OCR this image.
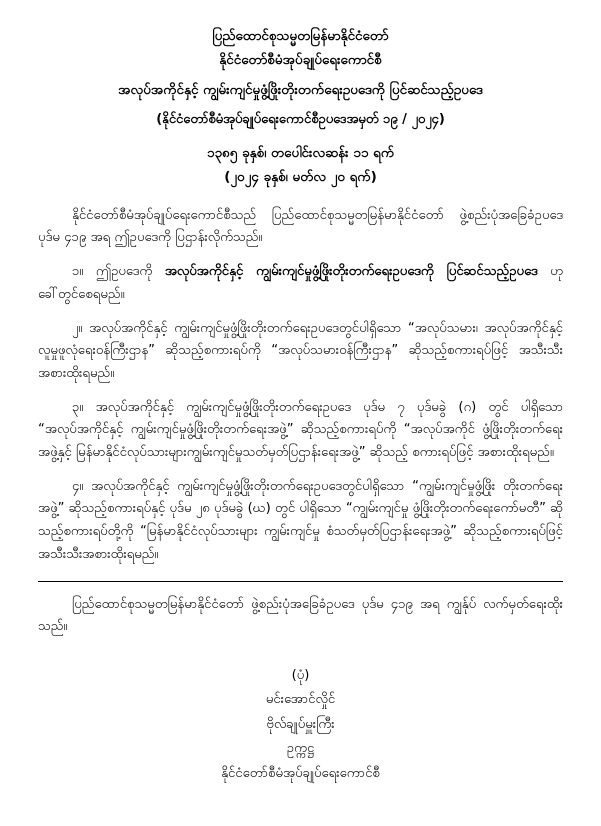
ပြည်ထောင်စုသမ္မတမြန်မာနိုင်ငံတော်
နိုင်ငံတော်စီမံအုပ်ချုပ်ရေးကောင်စီ
အလုပ်အကိုင်နှင့် ကျွမ်းကျင်မှုဖွံ့ဖြိုးတိုးတက်ရေးဥပဒေကို ပြင်ဆင်သည့်ဥပဒေ
(နိုင်ငံတော်စီမံအုပ်ချုပ်ရေးကောင်စီဥပဒေအမှတ် ၁၉ / ၂၀၂၄)
၁၃၈၅ ခုနှစ်၊ တပေါင်းလဆန်း ၁၁ ရက်
(၂၀၂၄ ခုနှစ်၊ မတ်လ ၂၀ ရက်)

နိုင်ငံတော်စီမံအုပ်ချုပ်ရေးကောင်စီသည် ပြည်ထောင်စုသမ္မတမြန်မာနိုင်ငံတော် ဖွဲ့စည်းပုံအခြေခံဥပဒေ ပုဒ်မ ၄၁၉ အရ ဤဥပဒေကို ပြဌာန်းလိုက်သည်။

၁။ ဤဥပဒေကို အလုပ်အကိုင်နှင့် ကျွမ်းကျင်မှုဖွံ့ဖြိုးတိုးတက်ရေးဥပဒေကို ပြင်ဆင်သည့်ဥပဒေ ဟု ခေါ်တွင်စေရမည်။

၂။ အလုပ်အကိုင်နှင့် ကျွမ်းကျင်မှုဖွံ့ဖြိုးတိုးတက်ရေးဥပဒေတွင်ပါရှိသော “အလုပ်သမား၊ အလုပ်အကိုင်နှင့် လူမှုဖူလုံရေးဝန်ကြီးဌာန” ဆိုသည့်စကားရပ်ကို “အလုပ်သမားဝန်ကြီးဌာန” ဆိုသည့်စကားရပ်ဖြင့် အသီးသီးအစားထိုးရမည်။

၃။ အလုပ်အကိုင်နှင့် ကျွမ်းကျင်မှုဖွံ့ဖြိုးတိုးတက်ရေးဥပဒေ ပုဒ်မ ၇ ပုဒ်မခွဲ (ဂ) တွင် ပါရှိသော “အလုပ်အကိုင်နှင့် ကျွမ်းကျင်မှုဖွံ့ဖြိုးတိုးတက်ရေးအဖွဲ့” ဆိုသည့်စကားရပ်ကို “အလုပ်အကိုင် ဖွံ့ဖြိုးတိုးတက်ရေးအဖွဲ့နှင့် မြန်မာနိုင်ငံလုပ်သားများကျွမ်းကျင်မှုသတ်မှတ်ပြဌာန်းရေးအဖွဲ့” ဆိုသည့် စကားရပ်ဖြင့် အစားထိုးရမည်။

၄။ အလုပ်အကိုင်နှင့် ကျွမ်းကျင်မှုဖွံ့ဖြိုးတိုးတက်ရေးဥပဒေတွင်ပါရှိသော “ကျွမ်းကျင်မှုဖွံ့ဖြိုး တိုးတက်ရေးအဖွဲ့” ဆိုသည့်စကားရပ်နှင့် ပုဒ်မ ၂၈ ပုဒ်မခွဲ (ဃ) တွင် ပါရှိသော “ကျွမ်းကျင်မှု ဖွံ့ဖြိုးတိုးတက်ရေးကော်မတီ” ဆိုသည့်စကားရပ်တို့ကို “မြန်မာနိုင်ငံလုပ်သားများ ကျွမ်းကျင်မှု စံသတ်မှတ်ပြဌာန်းရေးအဖွဲ့” ဆိုသည့်စကားရပ်ဖြင့် အသီးသီးအစားထိုးရမည်။

ပြည်ထောင်စုသမ္မတမြန်မာနိုင်ငံတော် ဖွဲ့စည်းပုံအခြေခံဥပဒေ ပုဒ်မ ၄၁၉ အရ ကျွန်ုပ် လက်မှတ်ရေးထိုးသည်။

(ပုံ)
မင်းအောင်လှိုင်
ဗိုလ်ချုပ်မှူးကြီး
ဥက္ကဋ္ဌ
နိုင်ငံတော်စီမံအုပ်ချုပ်ရေးကောင်စီ
